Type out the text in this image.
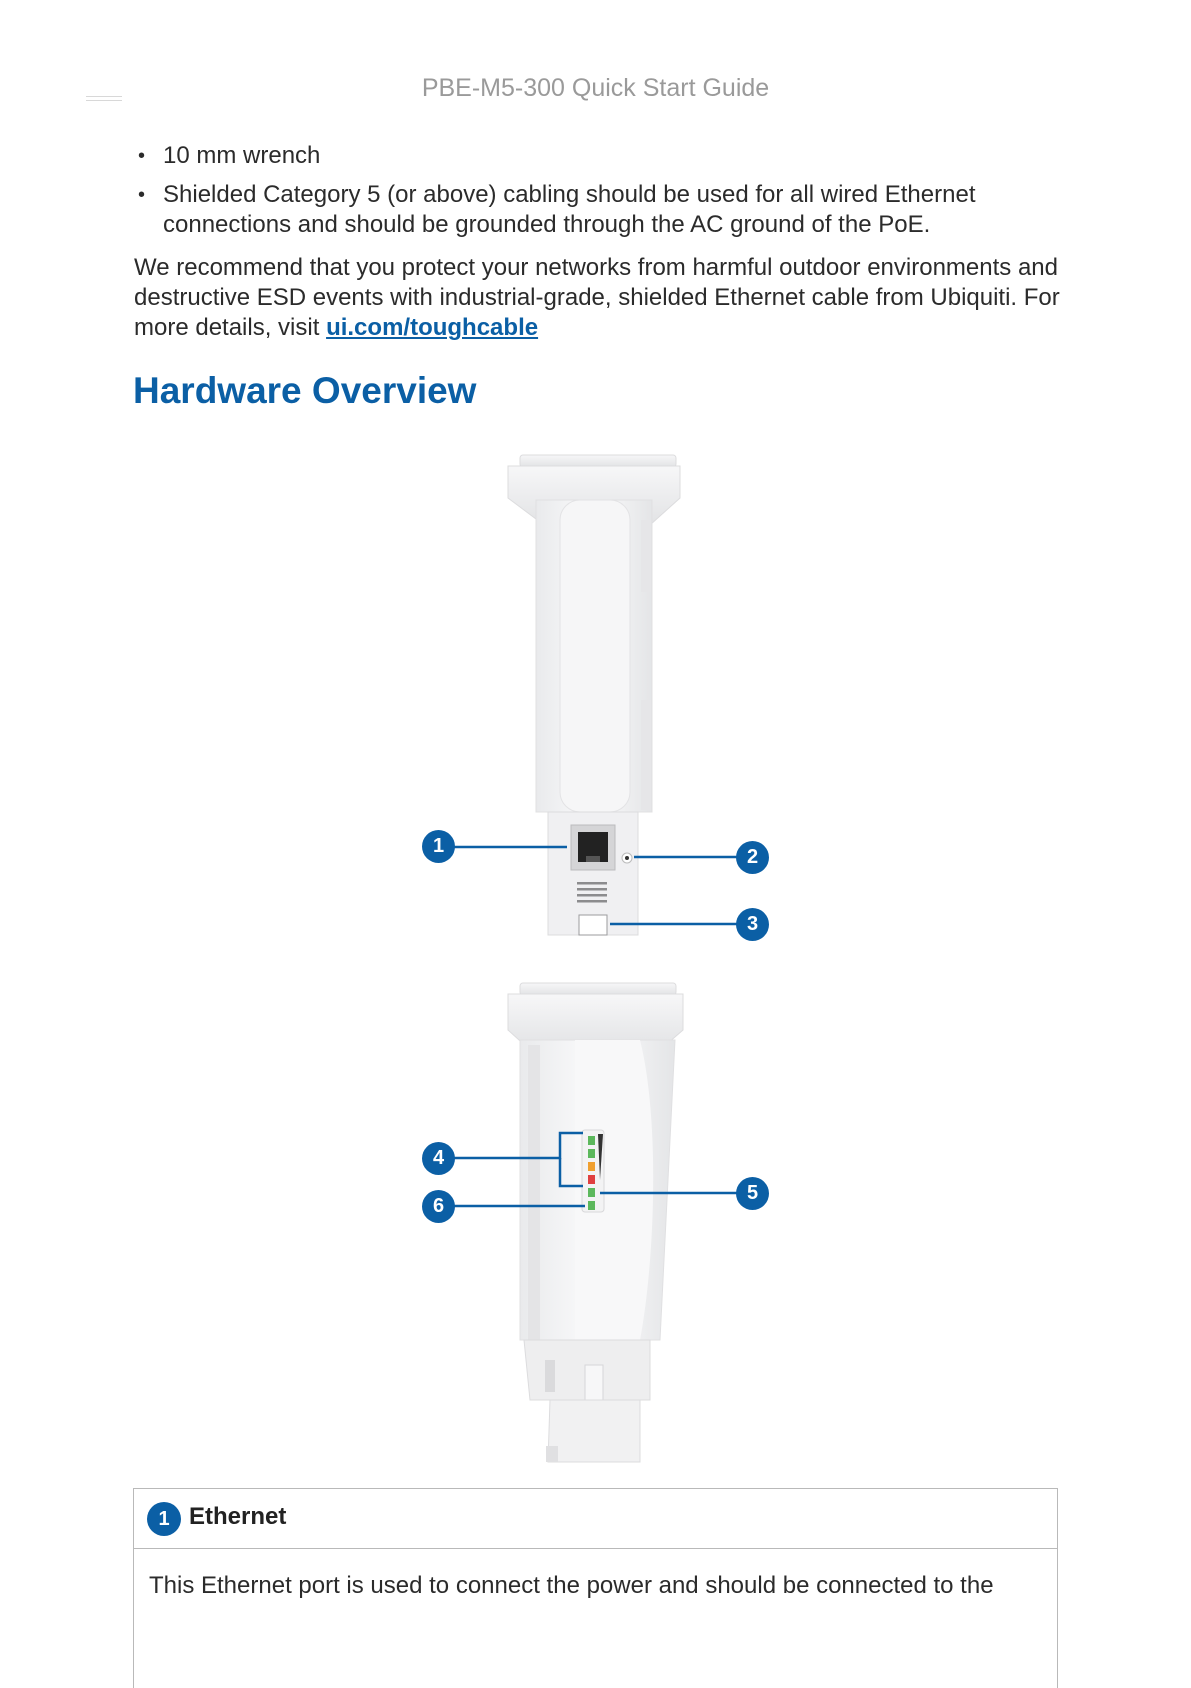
PBE-M5-300 Quick Start Guide
• 10 mm wrench
• Shielded Category 5 (or above) cabling should be used for all wired Ethernet connections and should be grounded through the AC ground of the PoE.

We recommend that you protect your networks from harmful outdoor environments and destructive ESD events with industrial-grade, shielded Ethernet cable from Ubiquiti. For more details, visit ui.com/toughcable

Hardware Overview
1	2
3
4
5
6
1 Ethernet
This Ethernet port is used to connect the power and should be connected to the
